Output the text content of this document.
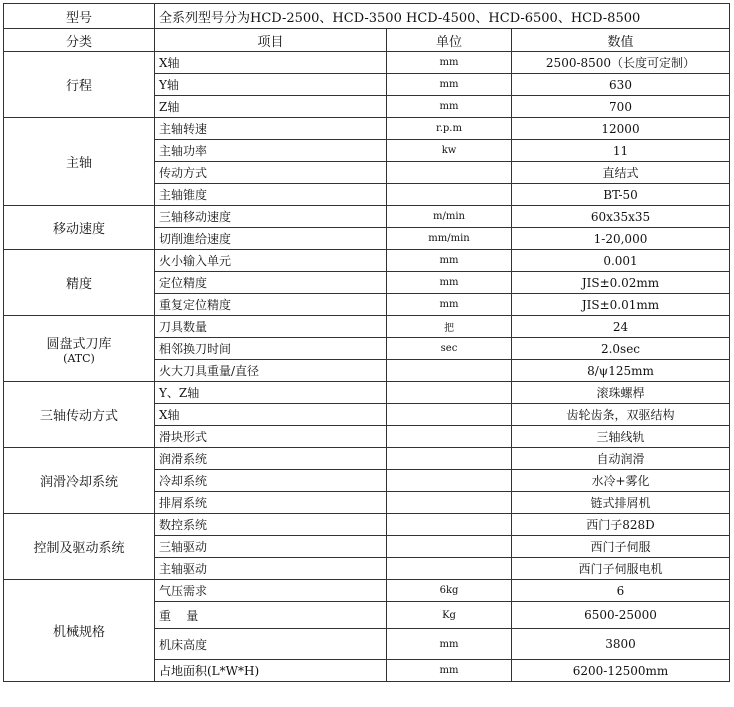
型号	全系列型号分为HCD-2500、HCD-3500 HCD-4500、HCD-6500、HCD-8500		
分类	项目	单位	数值

行程	X轴	mm	2500-8500（长度可定制）
	Y轴	mm	630
	Z轴	mm	700

主轴	主轴转速	r.p.m	12000
	主轴功率	kw	11
	传动方式		直结式
	主轴锥度		BT-50

移动速度	三轴移动速度	m/min	60x35x35
	切削進给速度	mm/min	1-20,000

精度	火小输入单元	mm	0.001
	定位精度	mm	JIS±0.02mm
	重复定位精度	mm	JIS±0.01mm

圆盘式刀库
(ATC)	刀具数量	把	24
	相邻换刀时间	sec	2.0sec
	火大刀具重量/直径		8/ψ125mm

三轴传动方式	Y、Z轴		滚珠螺桿
	X轴		齿轮齿条，双驱结构
	滑块形式		三轴线轨

润滑冷却系统	润滑系统		自动润滑
	冷却系统		水冷+雾化
	排屑系统		链式排屑机

控制及驱动系统	数控系统		西门子828D
	三轴驱动		西门子伺服
	主轴驱动		西门子伺服电机

机械规格	气压需求	6kg	6
	重    量	Kg	6500-25000
	机床高度	mm	3800
	占地面积(L*W*H)	mm	6200-12500mm
